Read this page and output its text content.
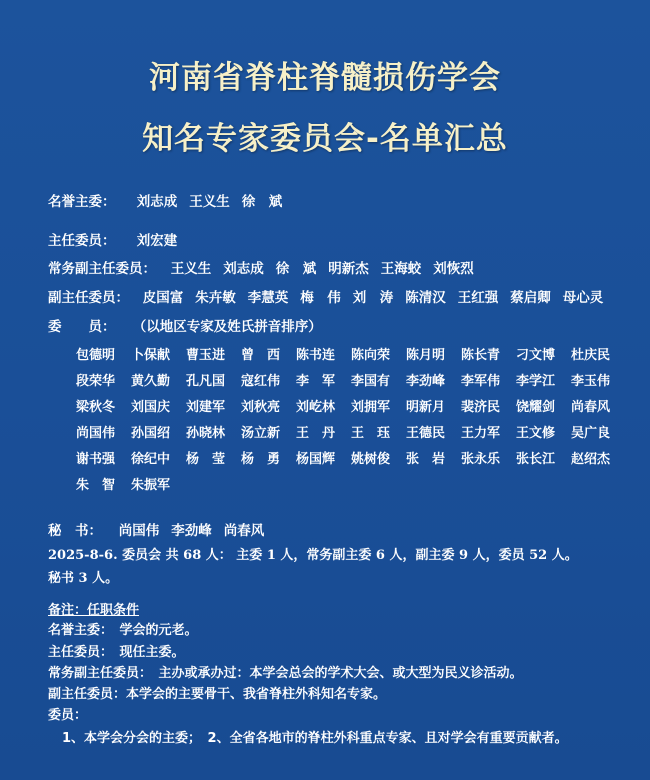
河南省脊柱脊髓损伤学会
知名专家委员会-名单汇总
名誉主委： 刘志成 王义生 徐　斌
主任委员： 刘宏建
常务副主任委员： 王义生 刘志成 徐　斌 明新杰 王海蛟 刘恢烈
副主任委员： 皮国富 朱卉敏 李慧英 梅　伟 刘　涛 陈清汉 王红强 蔡启卿 母心灵
委　　员： （以地区专家及姓氏拼音排序）
包德明	卜保献	曹玉进	曾　西	陈书连	陈向荣	陈月明	陈长青	刁文博	杜庆民
段荣华	黄久勤	孔凡国	寇红伟	李　军	李国有	李劲峰	李军伟	李学江	李玉伟
梁秋冬	刘国庆	刘建军	刘秋亮	刘屹林	刘拥军	明新月	裴济民	饶耀剑	尚春风
尚国伟	孙国绍	孙晓林	汤立新	王　丹	王　珏	王德民	王力军	王文修	吴广良
谢书强	徐纪中	杨　莹	杨　勇	杨国辉	姚树俊	张　岩	张永乐	张长江	赵绍杰
朱　智	朱振军
秘　书： 尚国伟 李劲峰 尚春风
2025-8-6. 委员会 共 68 人： 主委 1 人，常务副主委 6 人，副主委 9 人，委员 52 人。
秘书 3 人。
备注：任职条件
名誉主委：　学会的元老。
主任委员：　现任主委。
常务副主任委员：　主办或承办过：本学会总会的学术大会、或大型为民义诊活动。
副主任委员：本学会的主要骨干、我省脊柱外科知名专家。
委员：
1、本学会分会的主委；　2、全省各地市的脊柱外科重点专家、且对学会有重要贡献者。
